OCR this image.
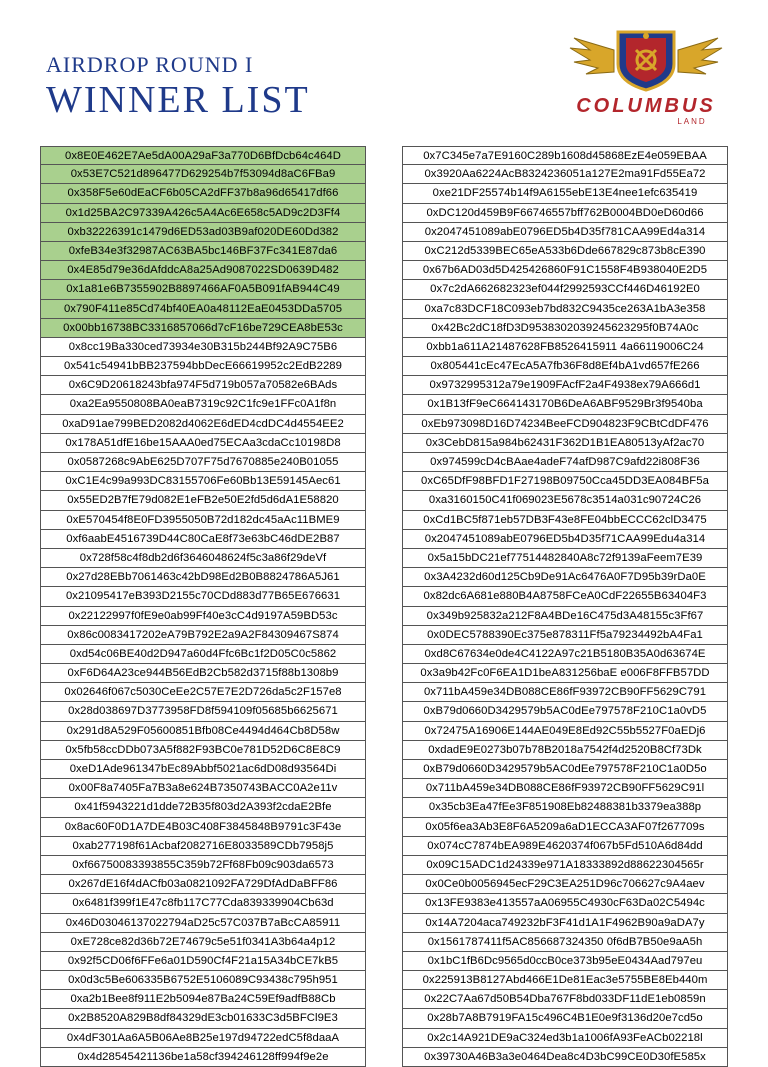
AIRDROP ROUND I
WINNER LIST	COLUMBUS
LAND
0x8E0E462E7Ae5dA00A29aF3a770D6BfDcb64c464D
0x53E7C521d896477D629254b7f53094d8aC6FBa9
0x358F5e60dEaCF6b05CA2dFF37b8a96d65417df66
0x1d25BA2C97339A426c5A4Ac6E658c5AD9c2D3Ff4
0xb32226391c1479d6ED53ad03B9af020DE60Dd382
0xfeB34e3f32987AC63BA5bc146BF37Fc341E87da6
0x4E85d79e36dAfddcA8a25Ad9087022SD0639D482
0x1a81e6B7355902B8897466AF0A5B091fAB944C49
0x790F411e85Cd74bf40EA0a48112EaE0453DDa5705
0x00bb16738BC3316857066d7cF16be729CEA8bE53c
0x8cc19Ba330ced73934e30B315b244Bf92A9C75B6
0x541c54941bBB237594bbDecE66619952c2EdB2289
0x6C9D20618243bfa974F5d719b057a70582e6BAds
0xa2Ea9550808BA0eaB7319c92C1fc9e1FFc0A1f8n
0xaD91ae799BED2082d4062E6dED4cdDC4d4554EE2
0x178A51dfE16be15AAA0ed75ECAa3cdaCc10198D8
0x0587268c9AbE625D707F75d7670885e240B01055
0xC1E4c99a993DC83155706Fe60Bb13E59145Aec61
0x55ED2B7fE79d082E1eFB2e50E2fd5d6dA1E58820
0xE570454f8E0FD3955050B72d182dc45aAc11BME9
0xf6aabE4516739D44C80CaE8f73e63bC46dDE2B87
0x728f58c4f8db2d6f3646048624f5c3a86f29deVf
0x27d28EBb7061463c42bD98Ed2B0B8824786A5J61
0x21095417eB393D2155c70CDd883d77B65E676631
0x22122997f0fE9e0ab99Ff40e3cC4d9197A59BD53c
0x86c0083417202eA79B792E2a9A2F84309467S874
0xd54c06BE40d2D947a60d4Ffc6Bc1f2D05C0c5862
0xF6D64A23ce944B56EdB2Cb582d3715f88b1308b9
0x02646f067c5030CeEe2C57E7E2D726da5c2F157e8
0x28d038697D3773958FD8f594109f05685b6625671
0x291d8A529F05600851Bfb08Ce4494d464Cb8D58w
0x5fb58ccDDb073A5f882F93BC0e781D52D6C8E8C9
0xeD1Ade961347bEc89Abbf5021ac6dD08d93564Di
0x00F8a7405Fa7B3a8e624B7350743BACC0A2e11v
0x41f5943221d1dde72B35f803d2A393f2cdaE2Bfe
0x8ac60F0D1A7DE4B03C408F3845848B9791c3F43e
0xab277198f61Acbaf2082716E8033589CDb7958j5
0xf66750083393855C359b72Ff68Fb09c903da6573
0x267dE16f4dACfb03a0821092FA729DfAdDaBFF86
0x6481f399f1E47c8fb117C77Cda839339904Cb63d
0x46D03046137022794aD25c57C037B7aBcCA85911
0xE728ce82d36b72E74679c5e51f0341A3b64a4p12
0x92f5CD06f6FFe6a01D590Cf4F21a15A34bCE7kB5
0x0d3c5Be606335B6752E5106089C93438c795h951
0xa2b1Bee8f911E2b5094e87Ba24C59Ef9adfB88Cb
0x2B8520A829B8df84329dE3cb01633C3d5BFCl9E3
0x4dF301Aa6A5B06Ae8B25e197d94722edC5f8daaA
0x4d28545421136be1a58cf394246128ff994f9e2e
0x7C345e7a7E9160C289b1608d45868EzE4e059EBAA
0x3920Aa6224AcB8324236051a127E2ma91Fd55Ea72
0xe21DF25574b14f9A6155ebE13E4nee1efc635419
0xDC120d459B9F66746557bff762B0004BD0eD60d66
0x2047451089abE0796ED5b4D35f781CAA99Ed4a314
0xC212d5339BEC65eA533b6Dde667829c873b8cE390
0x67b6AD03d5D425426860F91C1558F4B938040E2D5
0x7c2dA662682323ef044f2992593CCf446D46192E0
0xa7c83DCF18C093eb7bd832C9435ce263A1bA3e358
0x42Bc2dC18fD3D9538302039245623295f0B74A0c
0xbb1a611A21487628FB8526415911 4a66119006C24
0x805441cEc47EcA5A7fb36F8d8Ef4bA1vd657fE266
0x9732995312a79e1909FAcfF2a4F4938ex79A666d1
0x1B13fF9eC664143170B6DeA6ABF9529Br3f9540ba
0xEb973098D16D74234BeeFCD904823F9CBtCdDF476
0x3CebD815a984b62431F362D1B1EA80513yAf2ac70
0x974599cD4cBAae4adeF74afD987C9afd22i808F36
0xC65DfF98BFD1F27198B09750Cca45DD3EA084BF5a
0xa3160150C41f069023E5678c3514a031c90724C26
0xCd1BC5f871eb57DB3F43e8FE04bbECCC62clD3475
0x2047451089abE0796ED5b4D35f71CAA99Edu4a314
0x5a15bDC21ef77514482840A8c72f9139aFeem7E39
0x3A4232d60d125Cb9De91Ac6476A0F7D95b39rDa0E
0x82dc6A681e880B4A8758FCeA0CdF22655B63404F3
0x349b925832a212F8A4BDe16C475d3A48155c3Ff67
0x0DEC5788390Ec375e878311Ff5a79234492bA4Fa1
0xd8C67634e0de4C4122A97c21B5180B35A0d63674E
0x3a9b42Fc0F6EA1D1beA831256baE e006F8FFB57DD
0x711bA459e34DB088CE86fF93972CB90FF5629C791
0xB79d0660D3429579b5AC0dEe797578F210C1a0vD5
0x72475A16906E144AE049E8Ed92C55b5527F0aEDj6
0xdadE9E0273b07b78B2018a7542f4d2520B8Cf73Dk
0xB79d0660D3429579b5AC0dEe797578F210C1a0D5o
0x711bA459e34DB088CE86fF93972CB90FF5629C91l
0x35cb3Ea47fEe3F851908Eb82488381b3379ea388p
0x05f6ea3Ab3E8F6A5209a6aD1ECCA3AF07f267709s
0x074cC7874bEA989E4620374f067b5Fd510A6d84dd
0x09C15ADC1d24339e971A18333892d88622304565r
0x0Ce0b0056945ecF29C3EA251D96c706627c9A4aev
0x13FE9383e413557aA06955C4930cF63Da02C5494c
0x14A7204aca749232bF3F41d1A1F4962B90a9aDA7y
0x1561787411f5AC856687324350 0f6dB7B50e9aA5h
0x1bC1fB6Dc9565d0ccB0ce373b95eE0434Aad797eu
0x225913B8127Abd466E1De81Eac3e5755BE8Eb440m
0x22C7Aa67d50B54Dba767F8bd033DF11dE1eb0859n
0x28b7A8B7919FA15c496C4B1E0e9f3136d20e7cd5o
0x2c14A921DE9aC324ed3b1a1006fA93FeACb02218l
0x39730A46B3a3e0464Dea8c4D3bC99CE0D30fE585x
